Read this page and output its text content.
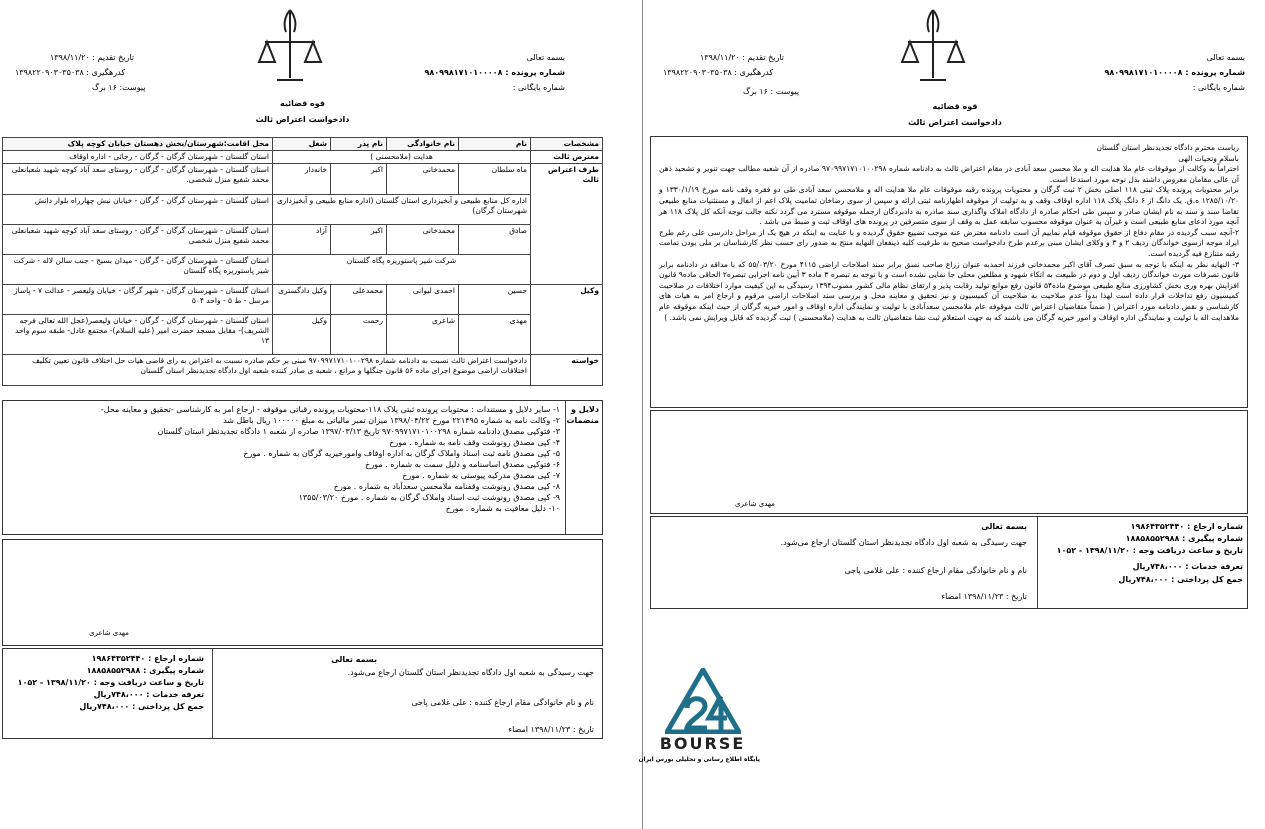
بسمه تعالی
شماره پرونده : ۹۸۰۹۹۸۱۷۱۰۱۰۰۰۰۸
شماره بایگانی :
تاریخ تقدیم : ۱۳۹۸/۱۱/۲۰
کدرهگیری : ۱۳۹۸۲۲۰۹۰۳۰۳۵۰۳۸
پیوست: ۱۶ برگ
قوه قضائیه
دادخواست اعتراض ثالث
مشخصات	نام	نام خانوادگی	نام پدر	شغل	محل اقامت:شهرستان/بخش دهستان خیابان کوچه پلاک
معترض ثالث	هدایت (ملامحسنی )				استان گلستان - شهرستان گرگان - گرگان - رجائی - اداره اوقاف
طرف اعتراض ثالث	ماه سلطان	محمدخانی	اکبر	خانه‌دار	استان گلستان - شهرستان گرگان - گرگان - روستای سعد آباد کوچه شهید شعبانعلی محمد شفیع منزل شخصی.
	اداره کل منابع طبیعی و آبخیزداری استان گلستان (اداره منابع طبیعی و آبخیزداری شهرستان گرگان)				استان گلستان - شهرستان گرگان - گرگان - خیابان نبش چهارراه بلوار دانش
	صادق	محمدخانی	اکبر	آزاد	استان گلستان - شهرستان گرگان - گرگان - روستای سعد آباد کوچه شهید شعبانعلی محمد شفیع منزل شخصی
	شرکت شیر پاستوریزه پگاه گلستان				استان گلستان - شهرستان گرگان - گرگان - میدان بسیج - جنب سالن لاله - شرکت شیر پاستوریزه پگاه گلستان
وکیل	حسین	احمدی لیوانی	محمدعلی	وکیل دادگستری	استان گلستان - شهرستان گرگان - شهر گرگان - خیابان ولیعصر - عدالت ۷ - پاساژ مرسل - ط ۵ - واحد ۵۰۴
	مهدی	شاعری	رحمت	وکیل	استان گلستان - شهرستان گرگان - گرگان - خیابان ولیعصر(عجل الله تعالی فرجه الشریف)- مقابل مسجد حضرت امیر (علیه السلام)- مجتمع عادل- طبقه سوم واحد ۱۳
خواسته	دادخواست اعتراض ثالث نسبت به دادنامه شماره ۹۷۰۹۹۷۱۷۱۰۱۰۰۲۹۸ مبنی بر حکم صادره نسبت به اعتراض به رای قاضی هیات حل اختلاف قانون تعیین تکلیف اختلافات اراضی موضوع اجرای ماده ۵۶ قانون جنگلها و مراتع ، شعبه ی صادر کننده شعبه اول دادگاه تجدیدنظر استان گلستان				
دلایل و منضمات
۱- سایر دلایل و مستندات : محتویات پرونده ثبتی پلاک ۱۱۸-محتویات پرونده رقباتی موقوفه - ارجاع امر به کارشناسی -تحقیق و معاینه محل-
۲- وکالت نامه به شماره ۲۲۱۴۹۵ مورخ ۱۳۹۸/۰۴/۲۲ میزان تمبر مالیاتی به مبلغ ۱۰۰۰۰۰ ریال باطل شد
۳- فتوکپی مصدق دادنامه شماره ۹۷۰۹۹۷۱۷۱۰۱۰۰۲۹۸ تاریخ ۱۳۹۷/۰۳/۱۳ صادره از شعبه ۱ دادگاه تجدیدنظر استان گلستان
۴- کپی مصدق رونوشت وقف نامه به شماره . مورخ
۵- کپی مصدق نامه ثبت اسناد واملاک گرگان به اداره اوقاف وامورخیریه گرگان به شماره . مورخ
۶- فتوکپی مصدق اساسنامه و دلیل سمت به شماره . مورخ
۷- کپی مصدق مدرکیه پیوستی به شماره . مورخ
۸- کپی مصدق رونوشت وقفنامه ملامحسن سعدآباد به شماره . مورخ
۹- کپی مصدق رونوشت ثبت اسناد واملاک گرگان به شماره . مورخ ۱۳۵۵/۰۳/۲۰
۱۰- دلیل معافیت به شماره . مورخ
مهدی شاعری
شماره ارجاع : ۱۹۸۶۴۳۵۲۴۴۰
شماره پیگیری : ۱۸۸۵۸۵۵۲۹۸۸
تاریخ و ساعت دریافت وجه : ۱۳۹۸/۱۱/۲۰ - ۱۰۵۲
تعرفه خدمات : ۷۴۸،۰۰۰ریال
جمع کل پرداختی : ۷۴۸،۰۰۰ریال
بسمه تعالی
جهت رسیدگی به شعبه اول دادگاه تجدیدنظر استان گلستان ارجاع می‌شود.
نام و نام خانوادگی مقام ارجاع کننده : علی غلامی پاجی
تاریخ : ۱۳۹۸/۱۱/۲۳ امضاء
بسمه تعالی
شماره پرونده : ۹۸۰۹۹۸۱۷۱۰۱۰۰۰۰۸
شماره بایگانی :
تاریخ تقدیم : ۱۳۹۸/۱۱/۲۰
کدرهگیری : ۱۳۹۸۲۲۰۹۰۳۰۳۵۰۳۸
پیوست : ۱۶ برگ
قوه قضائیه
دادخواست اعتراض ثالث
ریاست محترم دادگاه تجدیدنظر استان گلستان
باسلام وتحیات الهی
احتراماً به وکالت از موقوفات عام ملا هدایت اله و ملا محسن سعد آبادی در مقام اعتراض ثالث به دادنامه شماره ۹۷۰۹۹۷۱۷۱۰۱۰۰۲۹۸ صادره از آن شعبه مطالب جهت تنویر و تشحید ذهن آن عالی مقامان معروض داشته بذل توجه مورد استدعا است.
برابر محتویات پرونده پلاک ثبتی ۱۱۸ اصلی بخش ۲ ثبت گرگان و محتویات پرونده رقبه موقوفات عام ملا هدایت اله و ملامحسن سعد آبادی طی دو فقره وقف نامه مورخ ۱۳۳۰/۱/۱۹ و ۱۲۸۵/۱۰/۲۰ ه.ق. یک دانگ از ۶ دانگ پلاک ۱۱۸ اداره اوقاف وقف و به تولیت از موقوفه اظهارنامه ثبتی ارائه و سپس از سوی رضاخان تمامیت پلاک اعم از انفال و مستثنیات منابع طبیعی تقاضا سند و سند به نام ایشان صادر و سپس طی احکام صادره از دادگاه املاک واگذاری سند صادره به دادبردگان ازجمله موقوفه مسترد می گردد نکته جالب توجه آنکه کل پلاک ۱۱۸ هر آنچه مورد ادعای منابع طبیعی است و غیرآن به عنوان موقوفه محسوب سابقه عمل به وقف از سوی متصرفین در پرونده های اوقاف ثبت و ضبط می باشد .
۲-آنچه سبب گردیده در مقام دفاع از حقوق موقوفه قیام نماییم آن است دادنامه معترض عنه موجب تضییع حقوق گردیده و با عنایت به اینکه در هیچ یک از مراحل دادرسی علی رغم طرح ایراد موجه ازسوی خواندگان ردیف ۲ و ۳ و وکلای ایشان مبنی برعدم طرح دادخواست صحیح به طرفیت کلیه ذینفعان النهایه منتج به صدور رای حسب نظر کارشناسان بر ملی بودن تمامت رقبه متنازع فیه گردیده است.
۳- النهایه نظر به اینکه با توجه به سبق تصرف آقای اکبر محمدخانی فرزند احمدبه عنوان زراع صاحب نسق برابر سند اصلاحات اراضی ۴۱۱۵ مورخ ۵۵/۰۳/۲۰ که با مداقه در دادنامه برابر قانون تصرفات مورث خواندگان ردیف اول و دوم در طبیعت به اتکاء شهود و مطلعین محلی جا نمایی نشده است و با توجه به تبصره ۳ ماده ۳ آیین نامه اجرایی تبصره۲ الحاقی ماده۹ قانون افزایش بهره وری بخش کشاورزی منابع طبیعی موضوع ماده۵۴ قانون رفع موانع تولید رقابت پذیر و ارتقای نظام مالی کشور مصوب۱۳۹۴ رسیدگی به این کیفیت موارد اختلافات در صلاحیت کمیسیون رفع تداخلات قرار داده است لهذا بدواً عدم صلاحیت به صلاحیت آن کمیسیون و نیز تحقیق و معاینه محل و بررسی سند اصلاحات اراضی مرقوم و ارجاع امر به هیات های کارشناسی و نقض دادنامه مورد اعتراض ( ضمناً متقاضیان اعتراض ثالث موقوفه عام ملامحسن سعدآبادی با تولیت و نمایندگی اداره اوقاف و امور خیریه گرگان از حیث اینکه موقوفه عام ملاهدایت اله با تولیت و نمایندگی اداره اوقاف و امور خیریه گرگان می باشند که به جهت استعلام ثبت نشا متقاضیان ثالث به هدایت (ملامحسنی ) ثبت گردیده که قابل ویرایش نمی باشد. )
مهدی شاعری
شماره ارجاع : ۱۹۸۶۴۳۵۲۴۴۰
شماره پیگیری : ۱۸۸۵۸۵۵۲۹۸۸
تاریخ و ساعت دریافت وجه : ۱۳۹۸/۱۱/۲۰ - ۱۰۵۲
تعرفه خدمات : ۷۴۸،۰۰۰ریال
جمع کل پرداختی : ۷۴۸،۰۰۰ریال
بسمه تعالی
جهت رسیدگی به شعبه اول دادگاه تجدیدنظر استان گلستان ارجاع می‌شود.
نام و نام خانوادگی مقام ارجاع کننده : علی غلامی پاجی
تاریخ : ۱۳۹۸/۱۱/۲۳ امضاء
BOURSE
پایگاه اطلاع رسانی و تحلیلی بورس ایران
